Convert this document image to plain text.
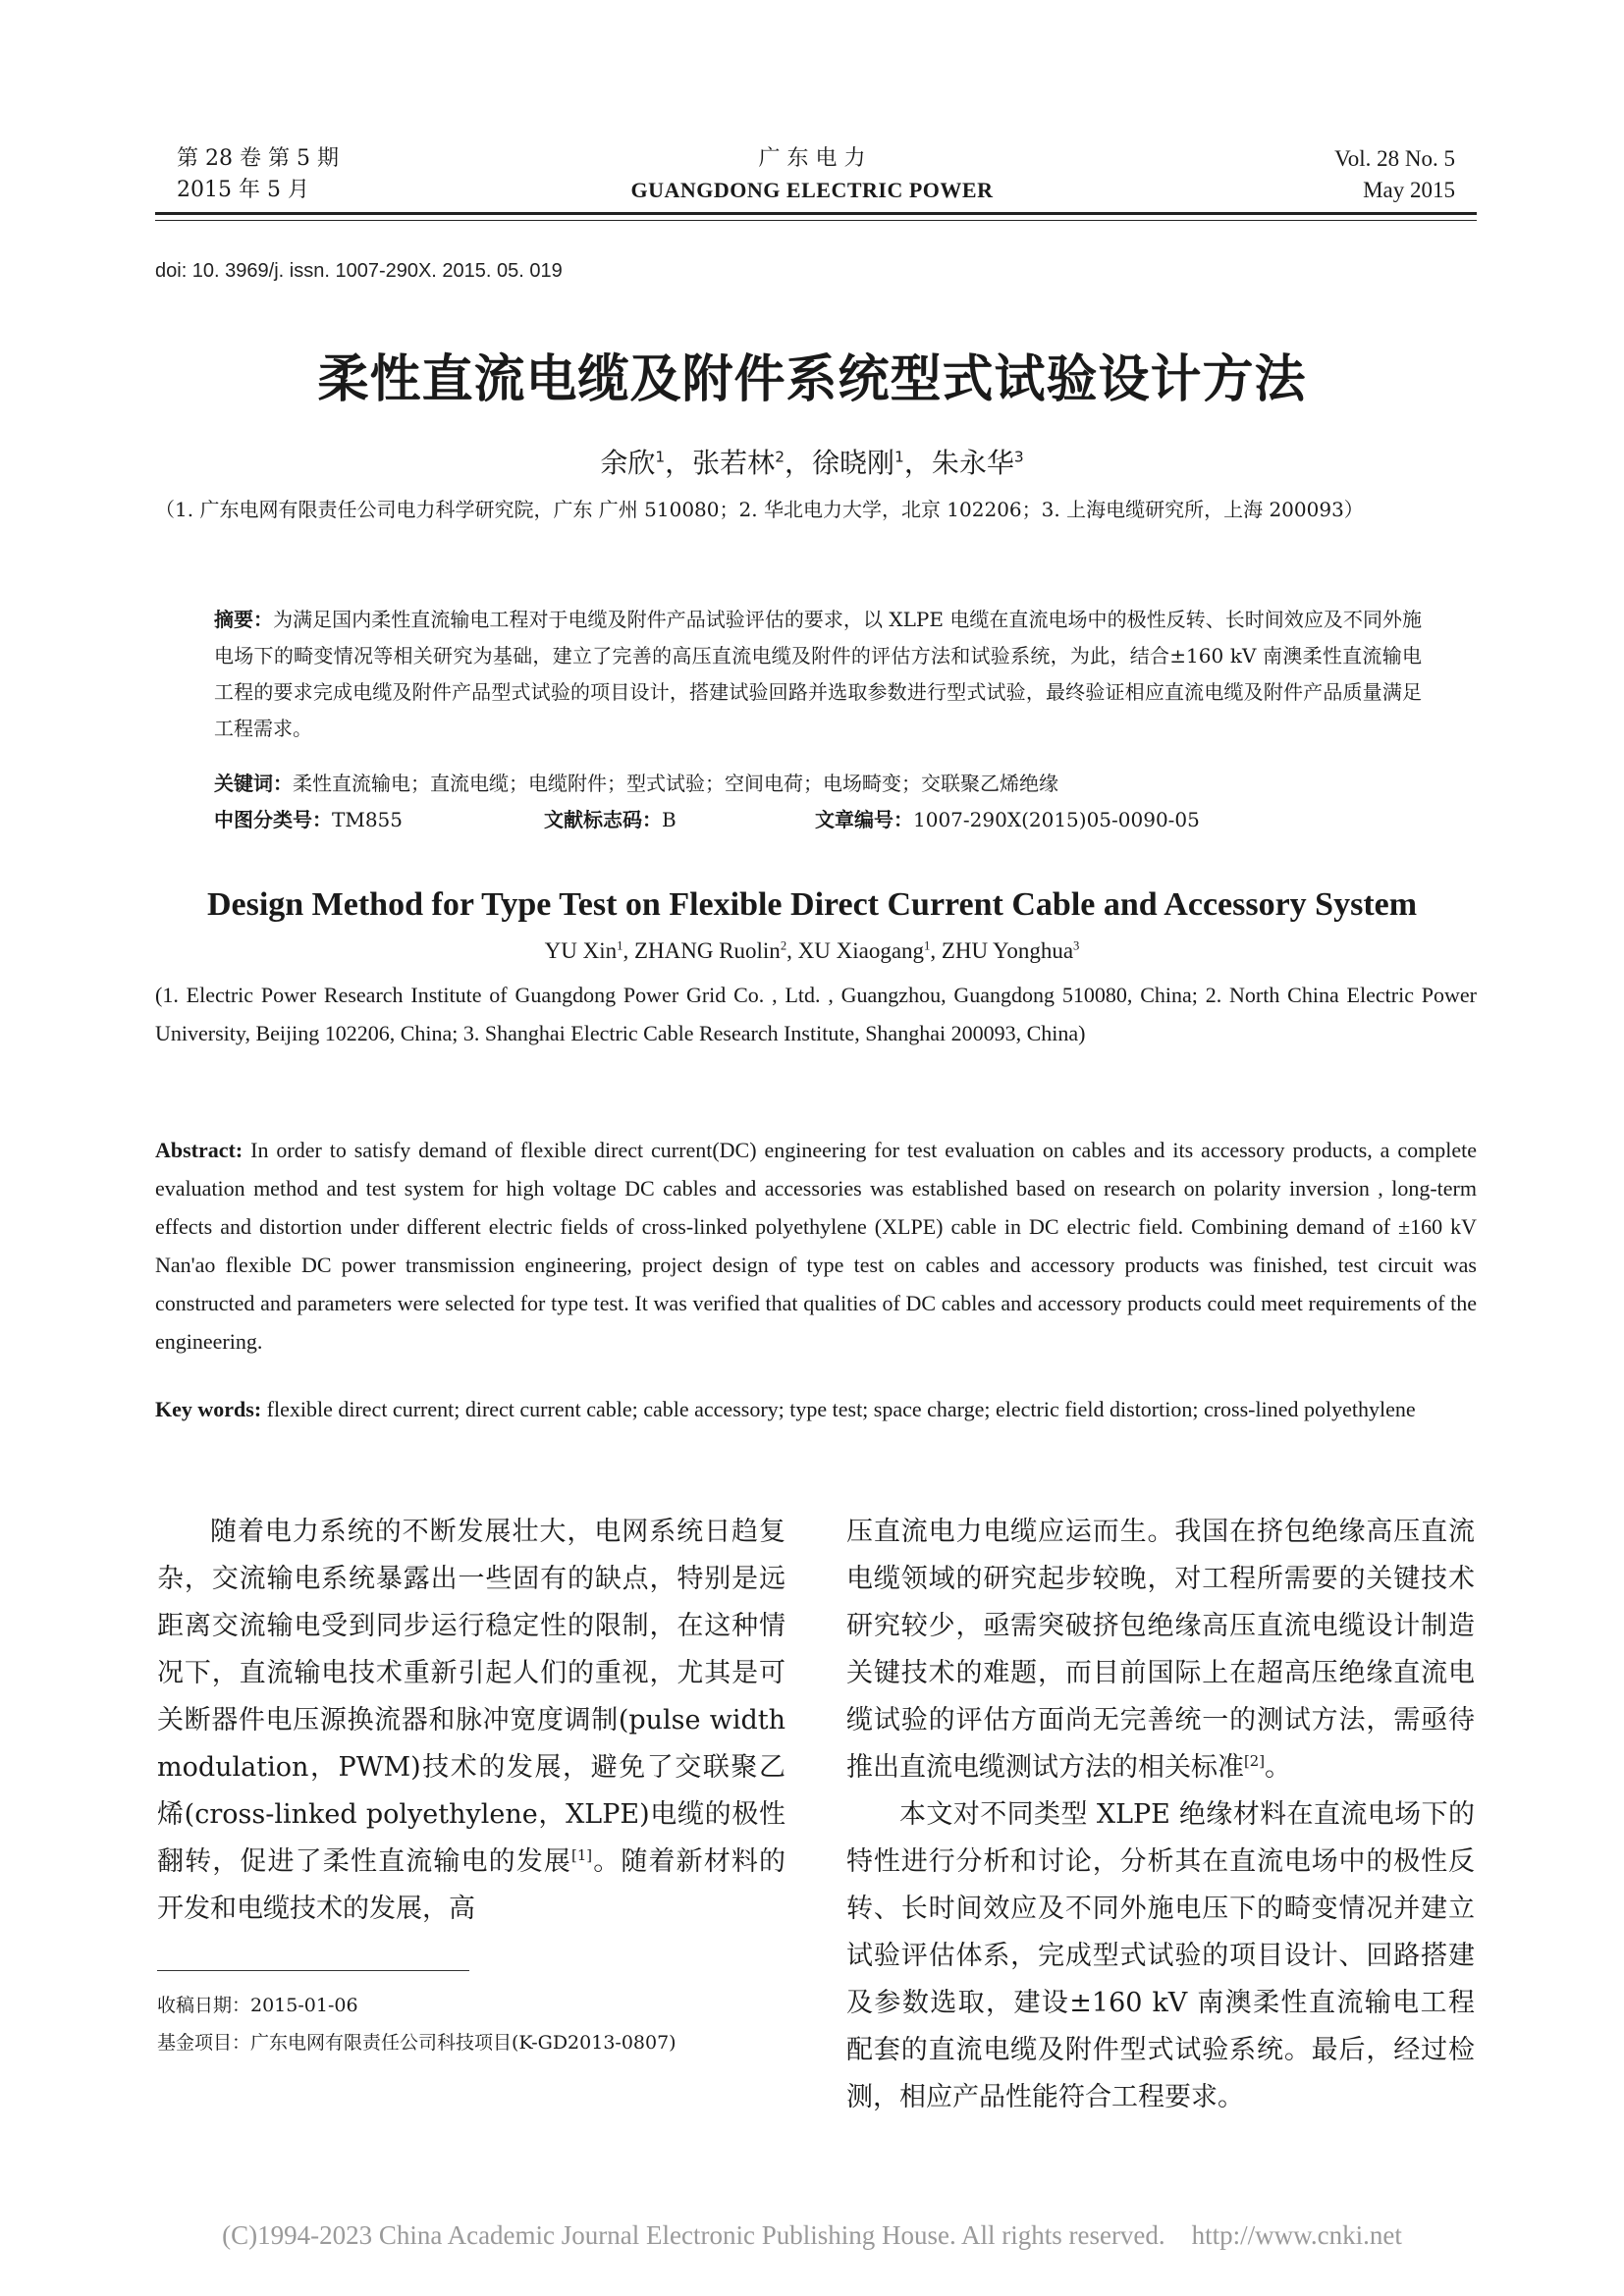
第 28 卷 第 5 期
2015 年 5 月
广 东 电 力
GUANGDONG ELECTRIC POWER
Vol. 28 No. 5
May 2015
doi: 10. 3969/j. issn. 1007-290X. 2015. 05. 019
柔性直流电缆及附件系统型式试验设计方法
余欣$^1$，张若林$^2$，徐晓刚$^1$，朱永华$^3$
（1. 广东电网有限责任公司电力科学研究院，广东 广州 510080；2. 华北电力大学，北京 102206；3. 上海电缆研究所，上海 200093）
摘要：为满足国内柔性直流输电工程对于电缆及附件产品试验评估的要求，以 XLPE 电缆在直流电场中的极性反转、长时间效应及不同外施电场下的畸变情况等相关研究为基础，建立了完善的高压直流电缆及附件的评估方法和试验系统，为此，结合±160 kV 南澳柔性直流输电工程的要求完成电缆及附件产品型式试验的项目设计，搭建试验回路并选取参数进行型式试验，最终验证相应直流电缆及附件产品质量满足工程需求。
关键词：柔性直流输电；直流电缆；电缆附件；型式试验；空间电荷；电场畸变；交联聚乙烯绝缘
中图分类号：TM855	文献标志码：B	文章编号：1007-290X(2015)05-0090-05
Design Method for Type Test on Flexible Direct Current Cable and Accessory System
YU Xin$^1$, ZHANG Ruolin$^2$, XU Xiaogang$^1$, ZHU Yonghua$^3$
(1. Electric Power Research Institute of Guangdong Power Grid Co. , Ltd. , Guangzhou, Guangdong 510080, China; 2. North China Electric Power University, Beijing 102206, China; 3. Shanghai Electric Cable Research Institute, Shanghai 200093, China)
Abstract: In order to satisfy demand of flexible direct current(DC) engineering for test evaluation on cables and its accessory products, a complete evaluation method and test system for high voltage DC cables and accessories was established based on research on polarity inversion , long-term effects and distortion under different electric fields of cross-linked polyethylene (XLPE) cable in DC electric field. Combining demand of ±160 kV Nan'ao flexible DC power transmission engineering, project design of type test on cables and accessory products was finished, test circuit was constructed and parameters were selected for type test. It was verified that qualities of DC cables and accessory products could meet requirements of the engineering.
Key words: flexible direct current; direct current cable; cable accessory; type test; space charge; electric field distortion; cross-lined polyethylene

随着电力系统的不断发展壮大，电网系统日趋复杂，交流输电系统暴露出一些固有的缺点，特别是远距离交流输电受到同步运行稳定性的限制，在这种情况下，直流输电技术重新引起人们的重视，尤其是可关断器件电压源换流器和脉冲宽度调制(pulse width modulation，PWM)技术的发展，避免了交联聚乙烯(cross-linked polyethylene，XLPE)电缆的极性翻转，促进了柔性直流输电的发展[1]。随着新材料的开发和电缆技术的发展，高

压直流电力电缆应运而生。我国在挤包绝缘高压直流电缆领域的研究起步较晚，对工程所需要的关键技术研究较少，亟需突破挤包绝缘高压直流电缆设计制造关键技术的难题，而目前国际上在超高压绝缘直流电缆试验的评估方面尚无完善统一的测试方法，需亟待推出直流电缆测试方法的相关标准[2]。

本文对不同类型 XLPE 绝缘材料在直流电场下的特性进行分析和讨论，分析其在直流电场中的极性反转、长时间效应及不同外施电压下的畸变情况并建立试验评估体系，完成型式试验的项目设计、回路搭建及参数选取，建设±160 kV 南澳柔性直流输电工程配套的直流电缆及附件型式试验系统。最后，经过检测，相应产品性能符合工程要求。

收稿日期：2015-01-06
基金项目：广东电网有限责任公司科技项目(K-GD2013-0807)
(C)1994-2023 China Academic Journal Electronic Publishing House. All rights reserved.    http://www.cnki.net
